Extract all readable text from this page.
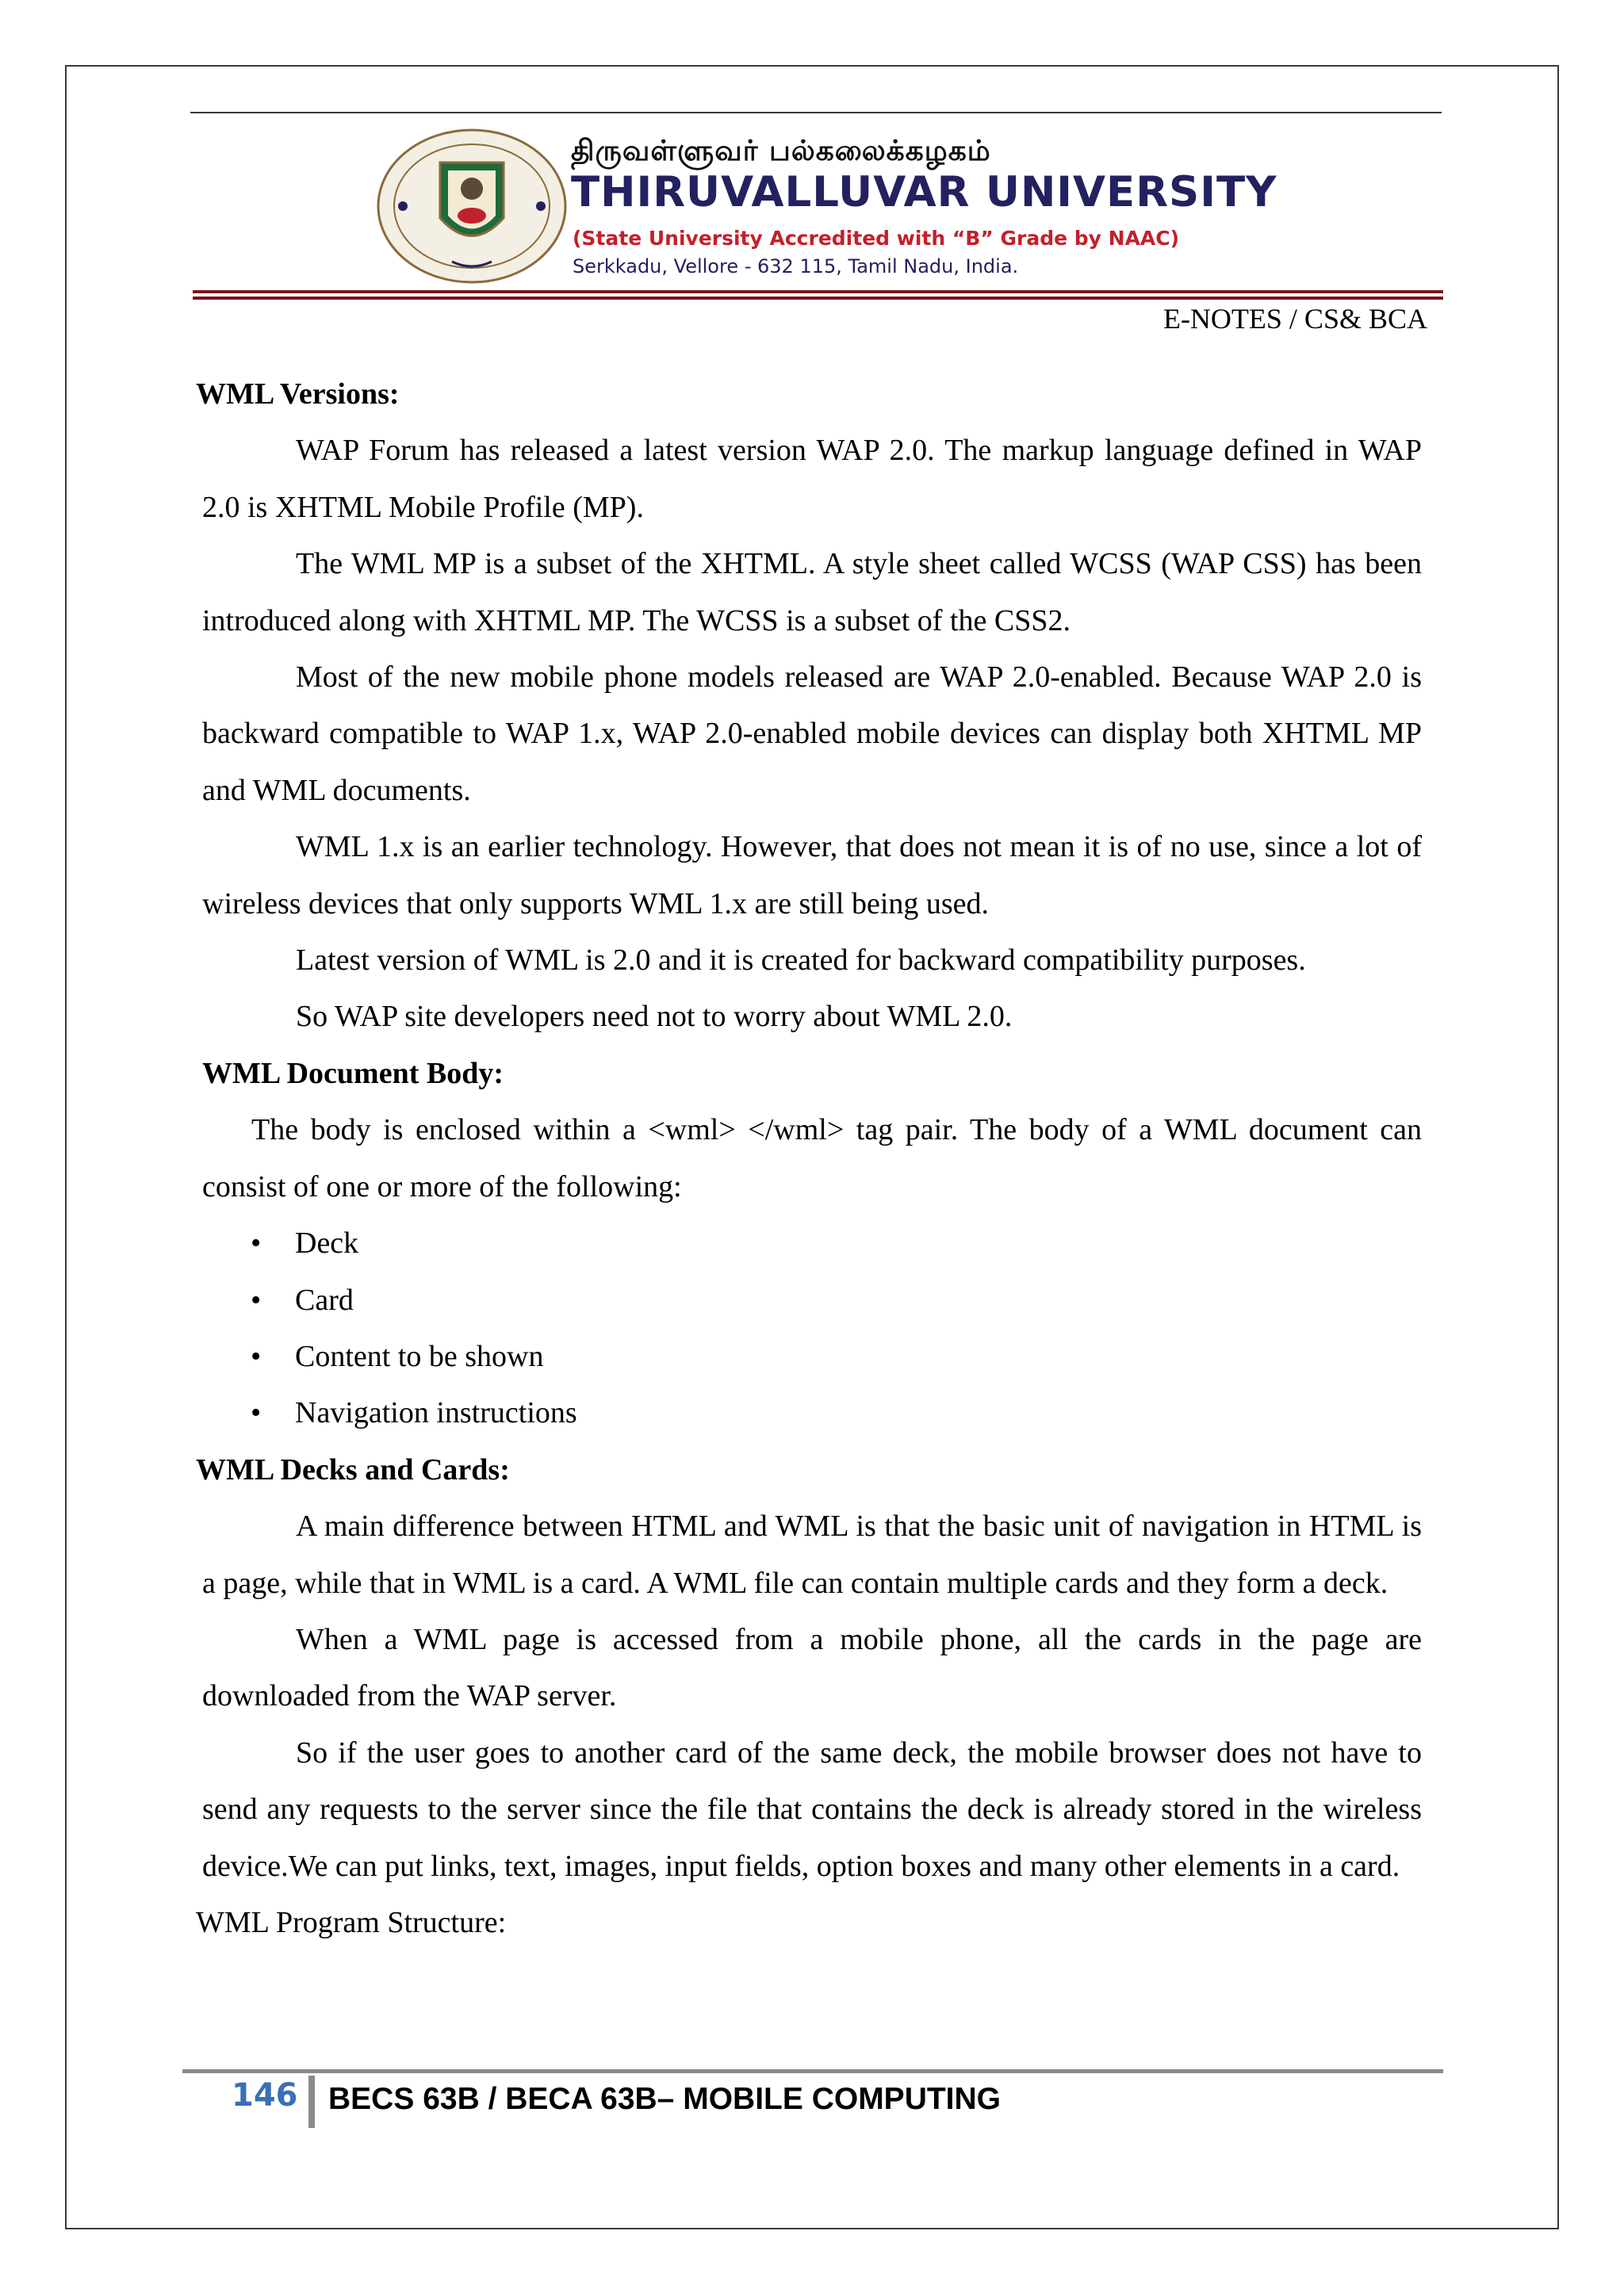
திருவள்ளுவர் பல்கலைக்கழகம்
THIRUVALLUVAR UNIVERSITY
(State University Accredited with “B” Grade by NAAC)
Serkkadu, Vellore - 632 115, Tamil Nadu, India.
E-NOTES / CS& BCA

WML Versions:

WAP Forum has released a latest version WAP 2.0. The markup language defined in WAP 2.0 is XHTML Mobile Profile (MP).

The WML MP is a subset of the XHTML. A style sheet called WCSS (WAP CSS) has been introduced along with XHTML MP. The WCSS is a subset of the CSS2.

Most of the new mobile phone models released are WAP 2.0-enabled. Because WAP 2.0 is backward compatible to WAP 1.x, WAP 2.0-enabled mobile devices can display both XHTML MP and WML documents.

WML 1.x is an earlier technology. However, that does not mean it is of no use, since a lot of wireless devices that only supports WML 1.x are still being used.

Latest version of WML is 2.0 and it is created for backward compatibility purposes.

So WAP site developers need not to worry about WML 2.0.

WML Document Body:

The body is enclosed within a <wml> </wml> tag pair. The body of a WML document can consist of one or more of the following:

• Deck
• Card
• Content to be shown
• Navigation instructions

WML Decks and Cards:

A main difference between HTML and WML is that the basic unit of navigation in HTML is a page, while that in WML is a card. A WML file can contain multiple cards and they form a deck.

When a WML page is accessed from a mobile phone, all the cards in the page are downloaded from the WAP server.

So if the user goes to another card of the same deck, the mobile browser does not have to send any requests to the server since the file that contains the deck is already stored in the wireless device.We can put links, text, images, input fields, option boxes and many other elements in a card.

WML Program Structure:

146 BECS 63B / BECA 63B– MOBILE COMPUTING
